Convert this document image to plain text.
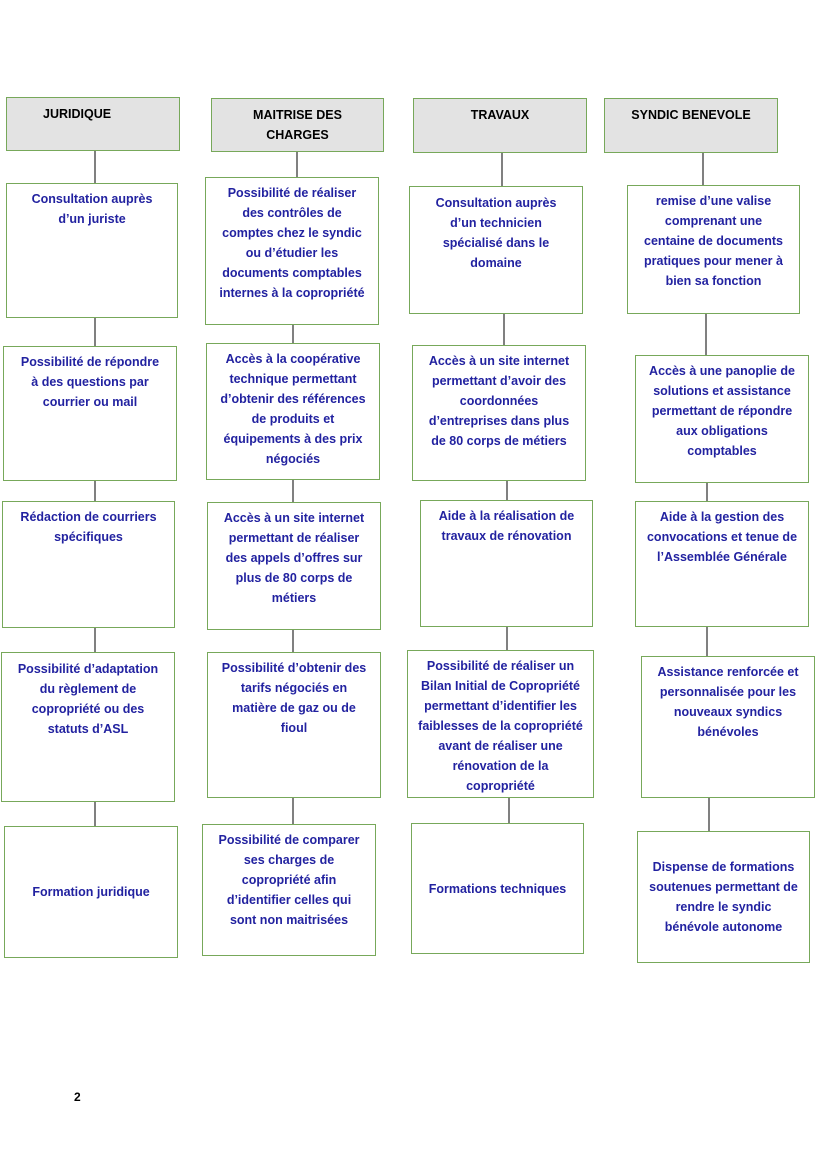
JURIDIQUE
Consultation auprès d’un juriste
Possibilité de répondre à des questions par courrier ou mail
Rédaction de courriers spécifiques
Possibilité d’adaptation du règlement de copropriété ou des statuts d’ASL
Formation juridique
MAITRISE DES CHARGES
Possibilité de réaliser des contrôles de comptes chez le syndic ou d’étudier les documents comptables internes à la copropriété
Accès à la coopérative technique permettant d’obtenir des références de produits et équipements à des prix négociés
Accès à un site internet permettant de réaliser des appels d’offres sur plus de 80 corps de métiers
Possibilité d’obtenir des tarifs négociés en matière de gaz ou de fioul
Possibilité de comparer ses charges de copropriété afin d’identifier celles qui sont non maitrisées
TRAVAUX
Consultation auprès d’un technicien spécialisé dans le domaine
Accès à un site internet permettant d’avoir des coordonnées d’entreprises dans plus de 80 corps de métiers
Aide à la réalisation de travaux de rénovation
Possibilité de réaliser un Bilan Initial de Copropriété permettant d’identifier les faiblesses de la copropriété avant de réaliser une rénovation de la copropriété
Formations techniques
SYNDIC BENEVOLE
remise d’une valise comprenant une centaine de documents pratiques pour mener à bien sa fonction
Accès à une panoplie de solutions et assistance permettant de répondre aux obligations comptables
Aide à la gestion des convocations et tenue de l’Assemblée Générale
Assistance renforcée et personnalisée pour les nouveaux syndics bénévoles
Dispense de formations soutenues permettant de rendre le syndic bénévole autonome
2
